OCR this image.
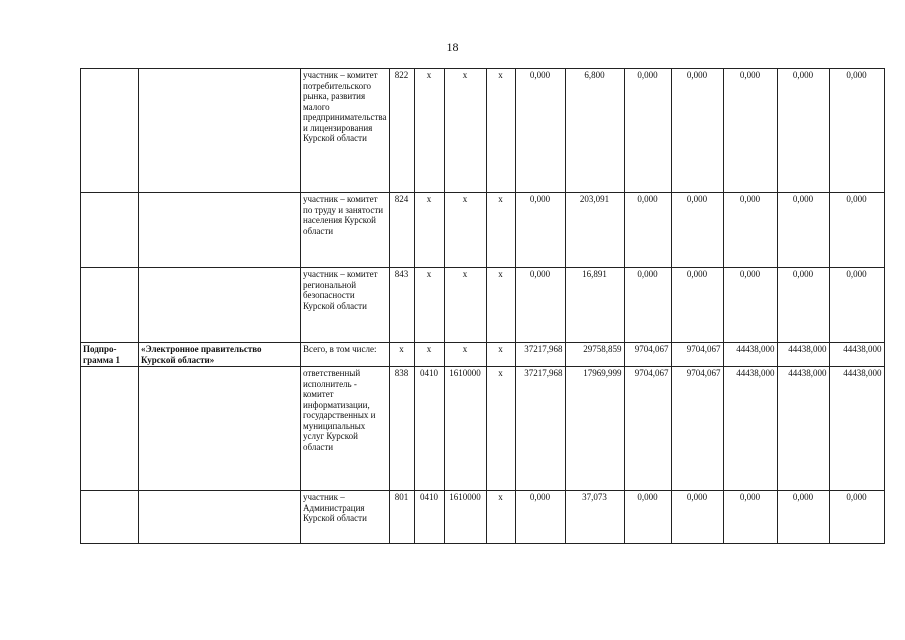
18
		участник – комитет потребительского рынка, развития малого предпринимательства и лицензирования Курской области	822	x	x	x	0,000	6,800	0,000	0,000	0,000	0,000	0,000
		участник – комитет по труду и занятости населения Курской области	824	x	x	x	0,000	203,091	0,000	0,000	0,000	0,000	0,000
		участник – комитет региональной безопасности Курской области	843	x	x	x	0,000	16,891	0,000	0,000	0,000	0,000	0,000
Подпро-грамма 1	«Электронное правительство Курской области»	Всего, в том числе:	x	x	x	x	37217,968	29758,859	9704,067	9704,067	44438,000	44438,000	44438,000
		ответственный исполнитель - комитет информатизации, государственных и муниципальных услуг Курской области	838	0410	1610000	x	37217,968	17969,999	9704,067	9704,067	44438,000	44438,000	44438,000
		участник – Администрация Курской области	801	0410	1610000	x	0,000	37,073	0,000	0,000	0,000	0,000	0,000
